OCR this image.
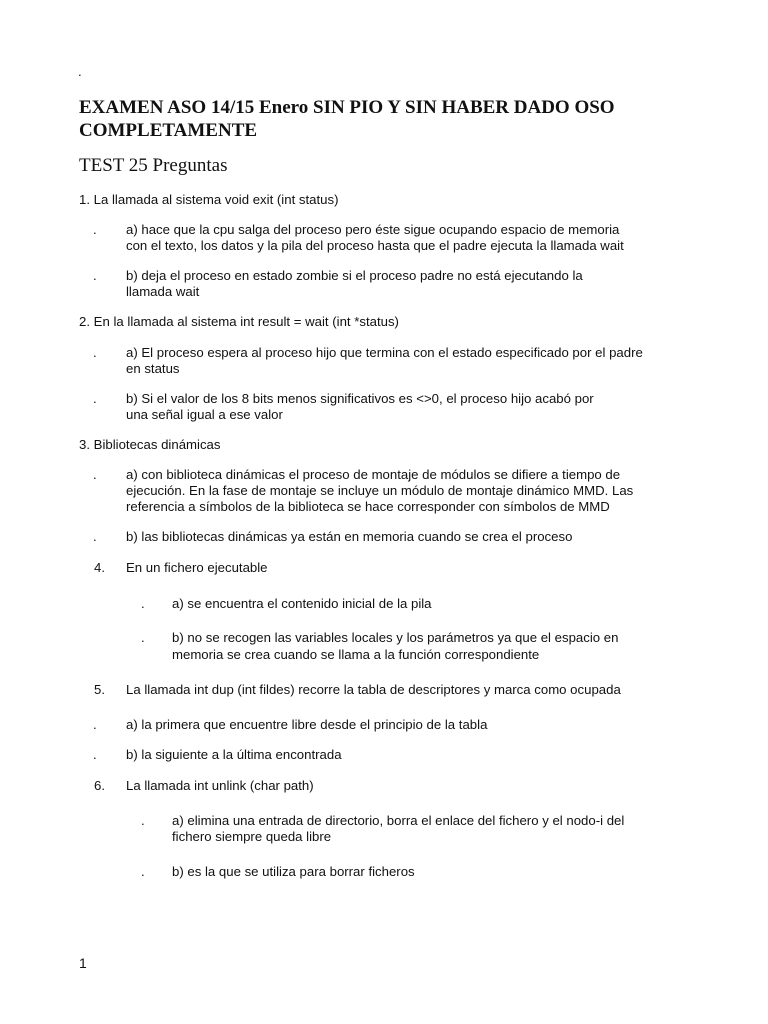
.
EXAMEN ASO 14/15 Enero SIN PIO Y SIN HABER DADO OSO
COMPLETAMENTE
TEST 25 Preguntas
1. La llamada al sistema void exit (int status)
. a) hace que la cpu salga del proceso pero éste sigue ocupando espacio de memoria
con el texto, los datos y la pila del proceso hasta que el padre ejecuta la llamada wait
. b) deja el proceso en estado zombie si el proceso padre no está ejecutando la
llamada wait
2. En la llamada al sistema int result = wait (int *status)
. a) El proceso espera al proceso hijo que termina con el estado especificado por el padre
en status
. b) Si el valor de los 8 bits menos significativos es <>0, el proceso hijo acabó por
una señal igual a ese valor
3. Bibliotecas dinámicas
. a) con biblioteca dinámicas el proceso de montaje de módulos se difiere a tiempo de
ejecución. En la fase de montaje se incluye un módulo de montaje dinámico MMD. Las
referencia a símbolos de la biblioteca se hace corresponder con símbolos de MMD
. b) las bibliotecas dinámicas ya están en memoria cuando se crea el proceso
4. En un fichero ejecutable
. a) se encuentra el contenido inicial de la pila
. b) no se recogen las variables locales y los parámetros ya que el espacio en
memoria se crea cuando se llama a la función correspondiente
5. La llamada int dup (int fildes) recorre la tabla de descriptores y marca como ocupada
. a) la primera que encuentre libre desde el principio de la tabla
. b) la siguiente a la última encontrada
6. La llamada int unlink (char path)
. a) elimina una entrada de directorio, borra el enlace del fichero y el nodo-i del
fichero siempre queda libre
. b) es la que se utiliza para borrar ficheros
1
